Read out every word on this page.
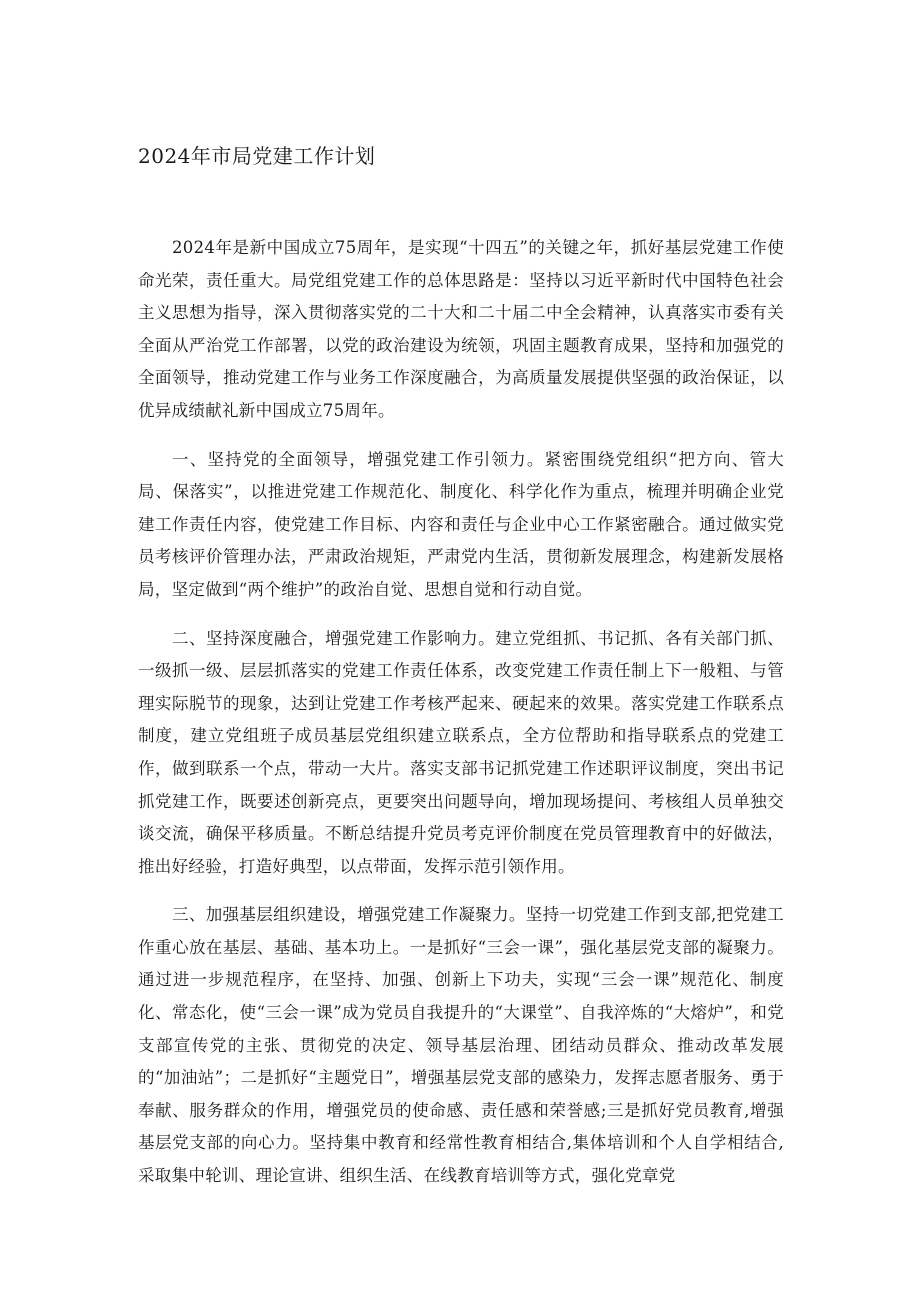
2024年市局党建工作计划

2024年是新中国成立75周年，是实现“十四五”的关键之年，抓好基层党建工作使命光荣，责任重大。局党组党建工作的总体思路是：坚持以习近平新时代中国特色社会主义思想为指导，深入贯彻落实党的二十大和二十届二中全会精神，认真落实市委有关全面从严治党工作部署，以党的政治建设为统领，巩固主题教育成果，坚持和加强党的全面领导，推动党建工作与业务工作深度融合，为高质量发展提供坚强的政治保证，以优异成绩献礼新中国成立75周年。

一、坚持党的全面领导，增强党建工作引领力。紧密围绕党组织“把方向、管大局、保落实”，以推进党建工作规范化、制度化、科学化作为重点，梳理并明确企业党建工作责任内容，使党建工作目标、内容和责任与企业中心工作紧密融合。通过做实党员考核评价管理办法，严肃政治规矩，严肃党内生活，贯彻新发展理念，构建新发展格局，坚定做到“两个维护”的政治自觉、思想自觉和行动自觉。

二、坚持深度融合，增强党建工作影响力。建立党组抓、书记抓、各有关部门抓、一级抓一级、层层抓落实的党建工作责任体系，改变党建工作责任制上下一般粗、与管理实际脱节的现象，达到让党建工作考核严起来、硬起来的效果。落实党建工作联系点制度，建立党组班子成员基层党组织建立联系点，全方位帮助和指导联系点的党建工作，做到联系一个点，带动一大片。落实支部书记抓党建工作述职评议制度，突出书记抓党建工作，既要述创新亮点，更要突出问题导向，增加现场提问、考核组人员单独交谈交流，确保平移质量。不断总结提升党员考克评价制度在党员管理教育中的好做法，推出好经验，打造好典型，以点带面，发挥示范引领作用。

三、加强基层组织建设，增强党建工作凝聚力。坚持一切党建工作到支部,把党建工作重心放在基层、基础、基本功上。一是抓好“三会一课”，强化基层党支部的凝聚力。通过进一步规范程序，在坚持、加强、创新上下功夫，实现“三会一课”规范化、制度化、常态化，使“三会一课”成为党员自我提升的“大课堂”、自我淬炼的“大熔炉”，和党支部宣传党的主张、贯彻党的决定、领导基层治理、团结动员群众、推动改革发展的“加油站”；二是抓好“主题党日”，增强基层党支部的感染力，发挥志愿者服务、勇于奉献、服务群众的作用，增强党员的使命感、责任感和荣誉感;三是抓好党员教育,增强基层党支部的向心力。坚持集中教育和经常性教育相结合,集体培训和个人自学相结合,采取集中轮训、理论宣讲、组织生活、在线教育培训等方式，强化党章党
